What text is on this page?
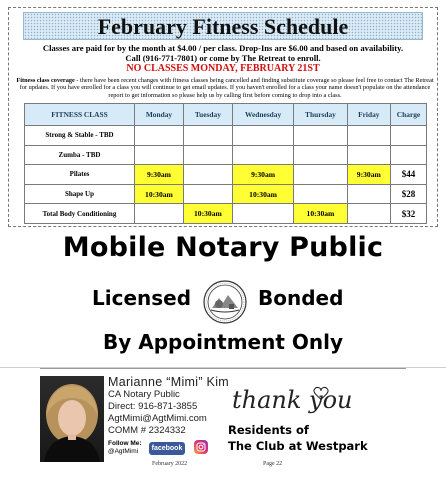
February Fitness Schedule
Classes are paid for by the month at $4.00 / per class. Drop-Ins are $6.00 and based on availability.
Call (916-771-7801) or come by The Retreat to enroll.
NO CLASSES MONDAY, FEBRUARY 21ST
Fitness class coverage - there have been recent changes with fitness classes being cancelled and finding substitute coverage so please feel free to contact The Retreat for updates. If you have enrolled for a class you will continue to get email updates. If you haven't enrolled for a class your name doesn't populate on the attendance report to get information so please help us by calling first before coming to drop into a class.
FITNESS CLASS	Monday	Tuesday	Wednesday	Thursday	Friday	Charge
Strong & Stable - TBD						
Zumba - TBD						
Pilates	9:30am		9:30am		9:30am	$44
Shape Up	10:30am		10:30am			$28
Total Body Conditioning		10:30am		10:30am		$32
Mobile Notary Public
Licensed	Bonded
By Appointment Only
Marianne “Mimi” Kim
CA Notary Public
Direct: 916-871-3855
AgtMimi@AgtMimi.com
COMM # 2324332
Follow Me:
@AgtMimi	facebook
thank you
Residents of
The Club at Westpark
February 2022	Page 22
